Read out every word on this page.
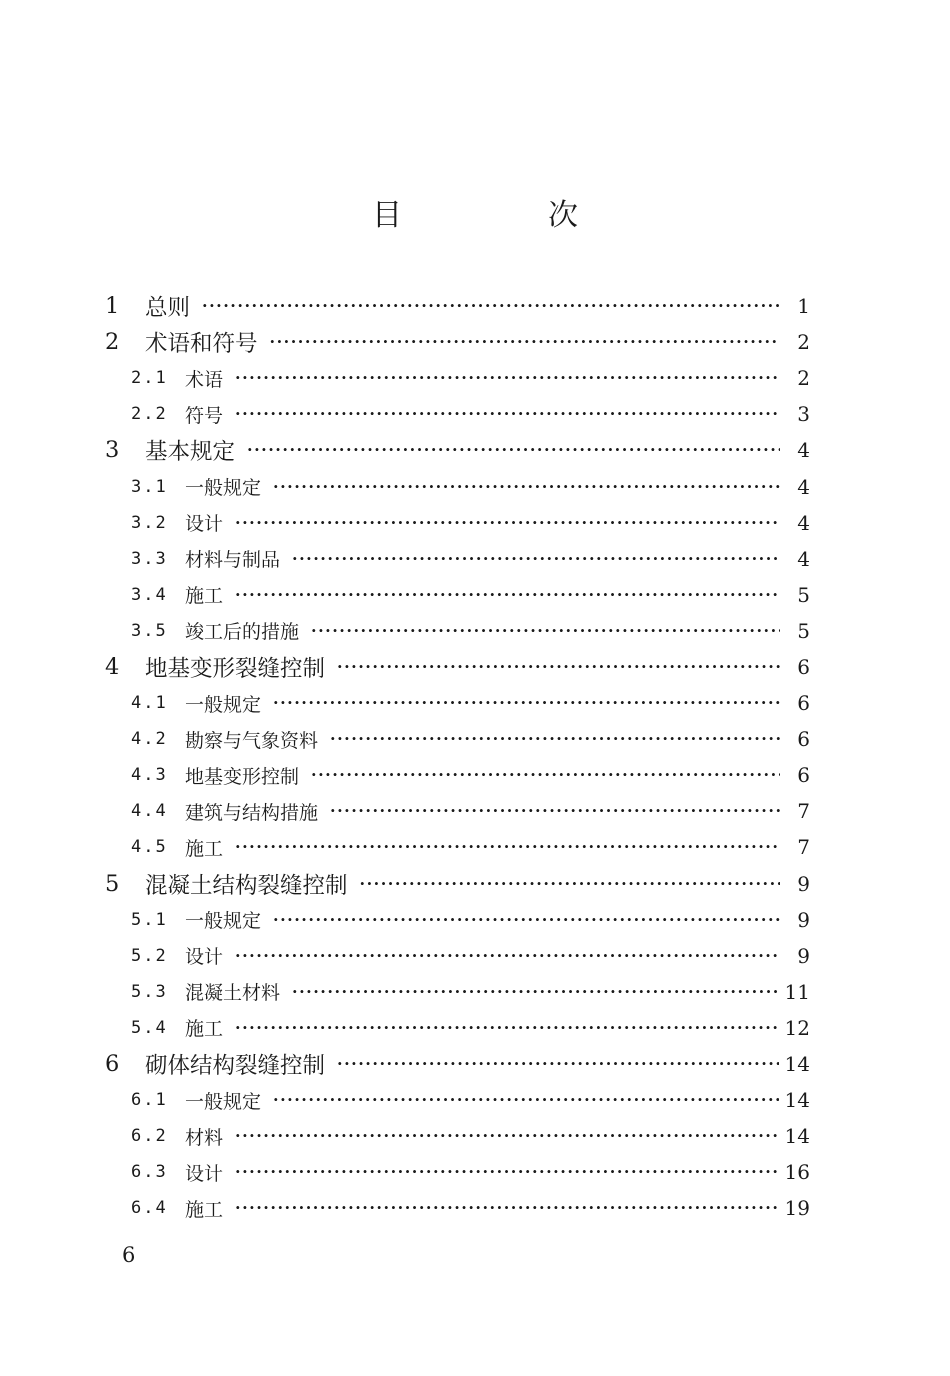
目　次
1	总则 ·····	1
2	术语和符号 ·····	2
2.1 术语 ·····	2
2.2 符号 ·····	3
3	基本规定 ·····	4
3.1 一般规定 ·····	4
3.2 设计 ·····	4
3.3 材料与制品 ·····	4
3.4 施工 ·····	5
3.5 竣工后的措施 ·····	5
4	地基变形裂缝控制 ·····	6
4.1 一般规定 ·····	6
4.2 勘察与气象资料 ·····	6
4.3 地基变形控制 ·····	6
4.4 建筑与结构措施 ·····	7
4.5 施工 ·····	7
5	混凝土结构裂缝控制 ·····	9
5.1 一般规定 ·····	9
5.2 设计 ·····	9
5.3 混凝土材料 ·····	11
5.4 施工 ·····	12
6	砌体结构裂缝控制 ·····	14
6.1 一般规定 ·····	14
6.2 材料 ·····	14
6.3 设计 ·····	16
6.4 施工 ·····	19
6
